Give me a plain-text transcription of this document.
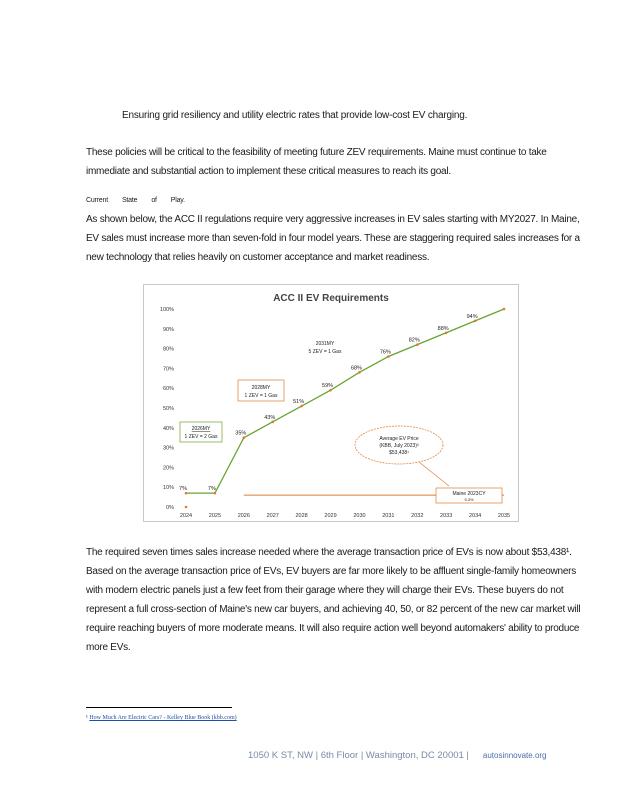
Ensuring grid resiliency and utility electric rates that provide low-cost EV charging.
These policies will be critical to the feasibility of meeting future ZEV requirements. Maine must continue to take immediate and substantial action to implement these critical measures to reach its goal.
Current State of Play.
As shown below, the ACC II regulations require very aggressive increases in EV sales starting with MY2027. In Maine, EV sales must increase more than seven-fold in four model years. These are staggering required sales increases for a new technology that relies heavily on customer acceptance and market readiness.
ACC II EV Requirements
0%
10%
20%
30%
40%
50%
60%
70%
80%
90%
100%
2024	2025	2026	2027	2028	2029	2030	2031	2032	2033	2034	2035
7%	7%
35%
43%
51%
59%
68%
76%
82%
88%
94%
2026MY
1 ZEV = 2 Gas
2028MY
1 ZEV = 1 Gas
2031MY
5 ZEV = 1 Gas
Average EV Price
(KBB, July 2023)³
$53,438¹
Maine 2023CY
5.3%
The required seven times sales increase needed where the average transaction price of EVs is now about $53,438¹. Based on the average transaction price of EVs, EV buyers are far more likely to be affluent single-family homeowners with modern electric panels just a few feet from their garage where they will charge their EVs. These buyers do not represent a full cross-section of Maine's new car buyers, and achieving 40, 50, or 82 percent of the new car market will require reaching buyers of more moderate means. It will also require action well beyond automakers' ability to produce more EVs.
¹ How Much Are Electric Cars? - Kelley Blue Book (kbb.com)
1050 K ST, NW | 6th Floor | Washington, DC 20001 | autosinnovate.org
